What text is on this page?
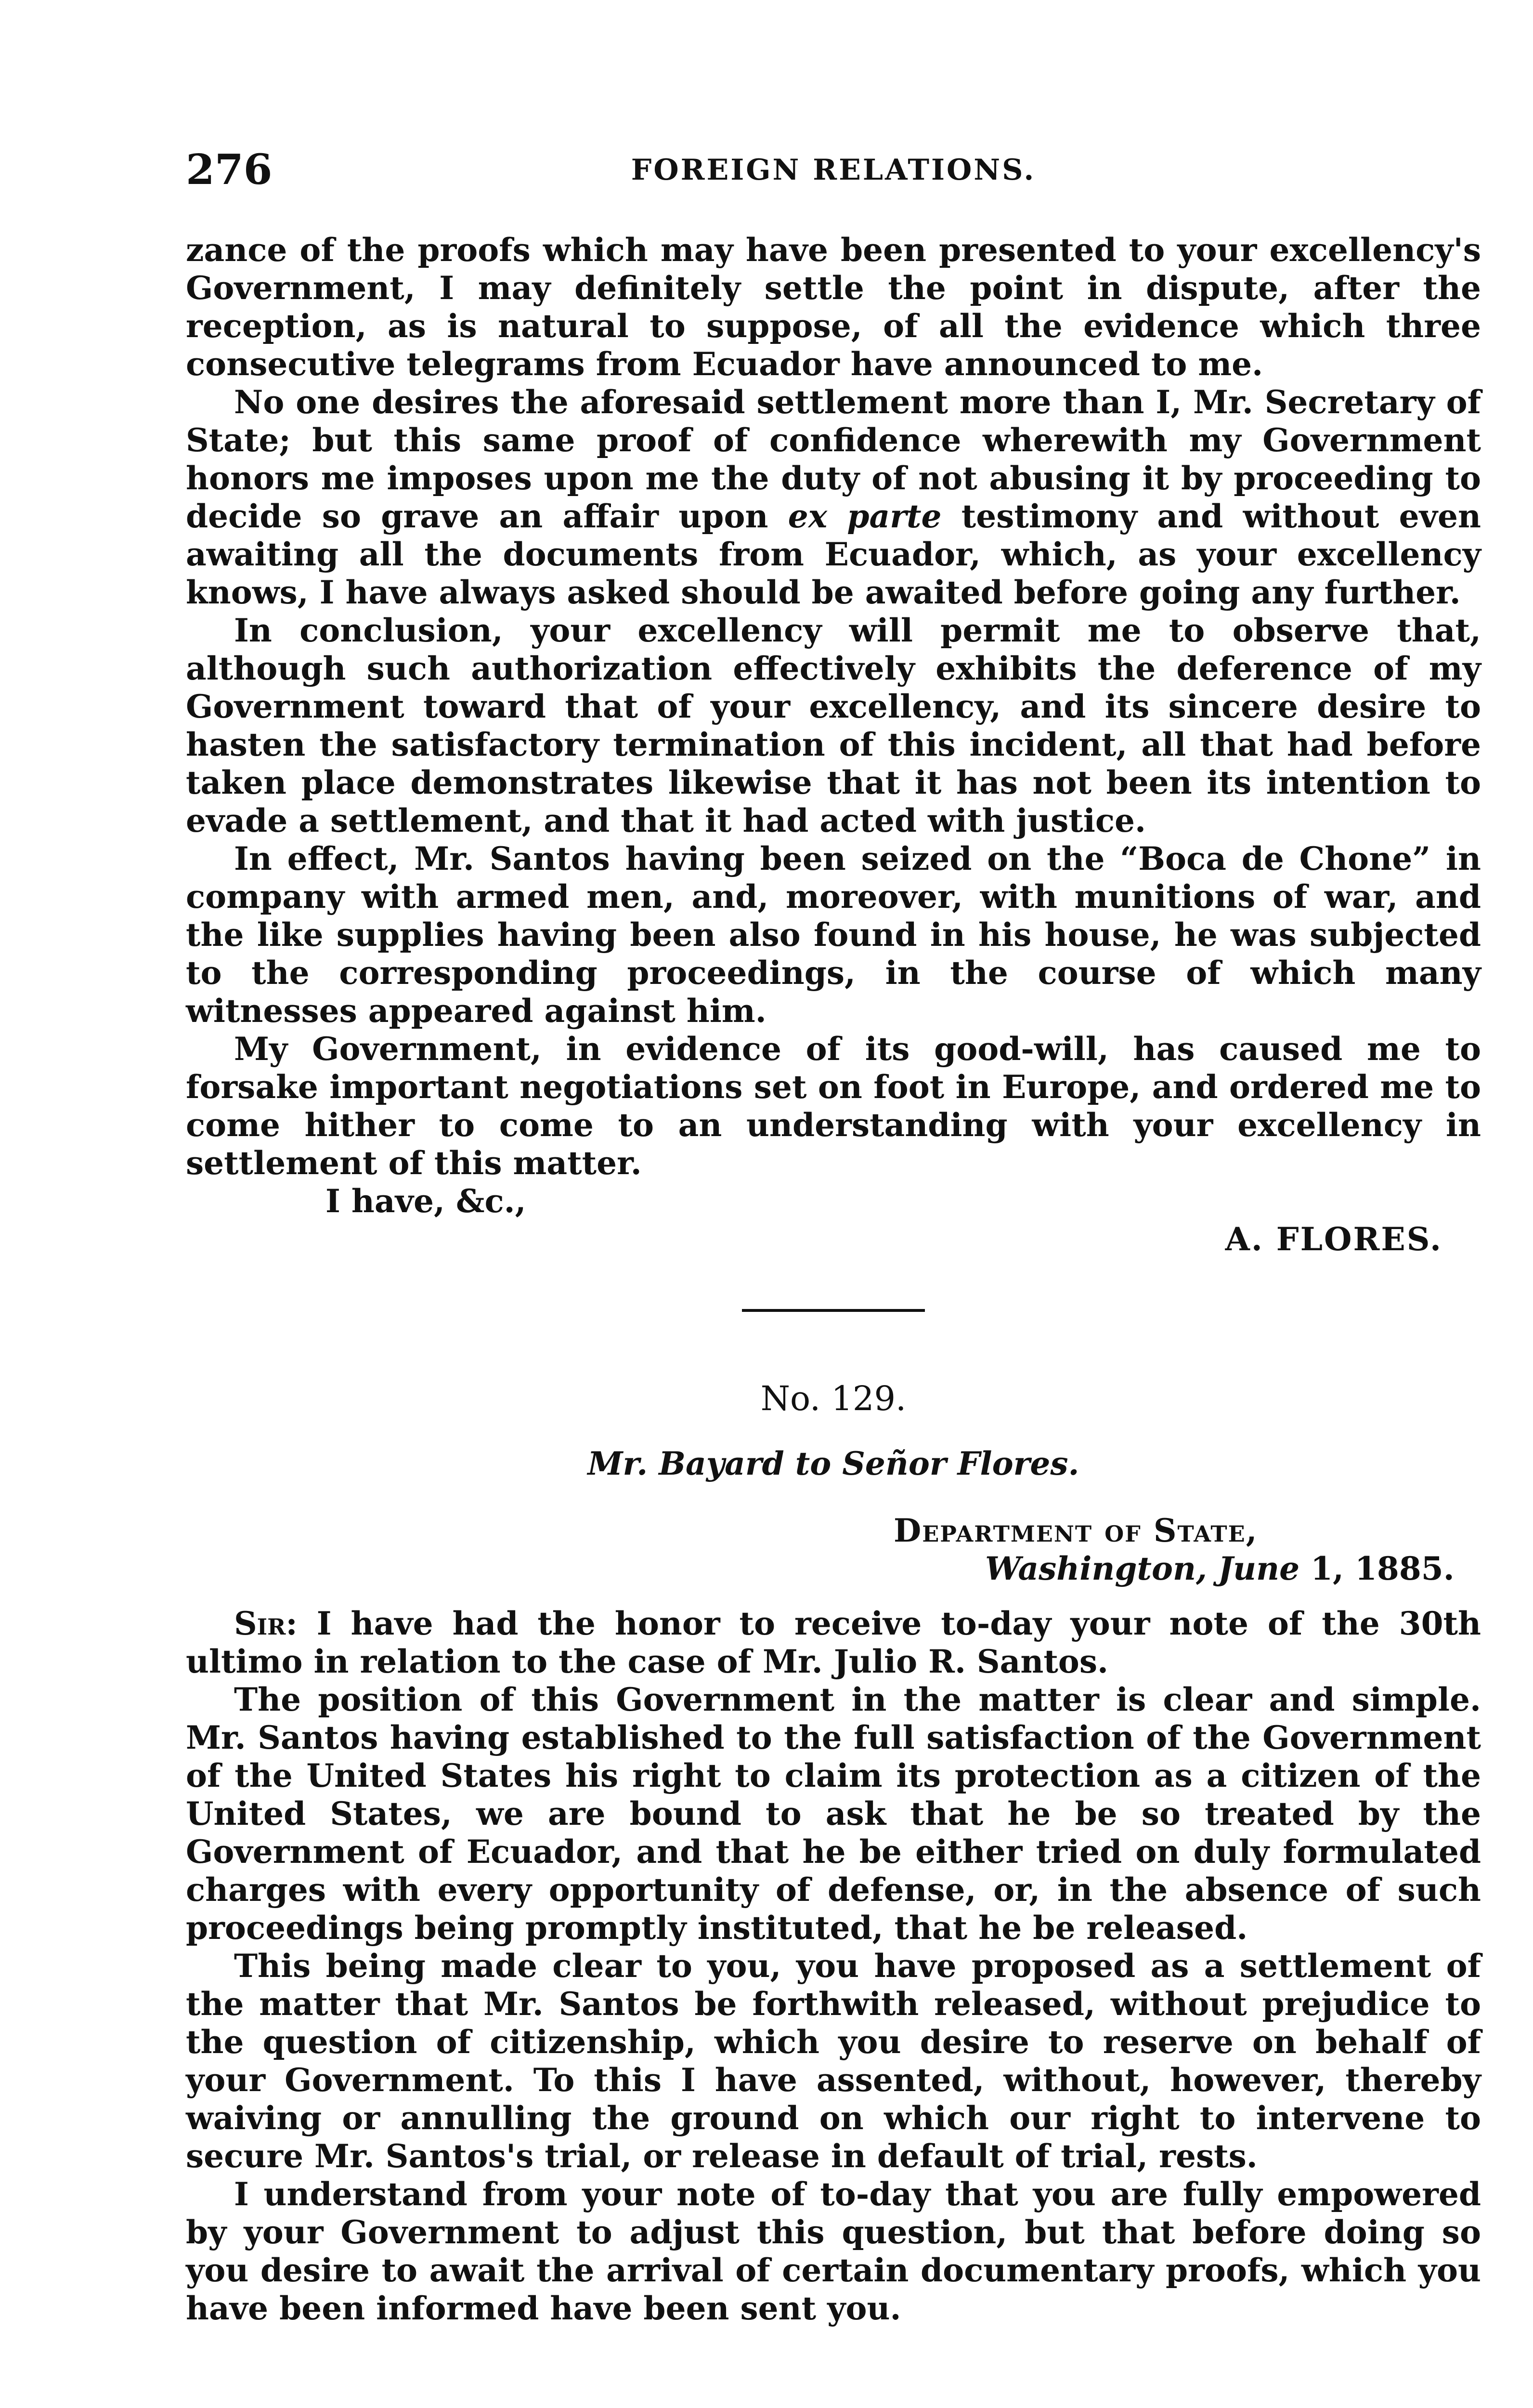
276	FOREIGN RELATIONS.

zance of the proofs which may have been presented to your excellency's Government, I may definitely settle the point in dispute, after the reception, as is natural to suppose, of all the evidence which three consecutive telegrams from Ecuador have announced to me.

No one desires the aforesaid settlement more than I, Mr. Secretary of State; but this same proof of confidence wherewith my Government honors me imposes upon me the duty of not abusing it by proceeding to decide so grave an affair upon ex parte testimony and without even awaiting all the documents from Ecuador, which, as your excellency knows, I have always asked should be awaited before going any further.

In conclusion, your excellency will permit me to observe that, although such authorization effectively exhibits the deference of my Government toward that of your excellency, and its sincere desire to hasten the satisfactory termination of this incident, all that had before taken place demonstrates likewise that it has not been its intention to evade a settlement, and that it had acted with justice.

In effect, Mr. Santos having been seized on the “Boca de Chone” in company with armed men, and, moreover, with munitions of war, and the like supplies having been also found in his house, he was subjected to the corresponding proceedings, in the course of which many witnesses appeared against him.

My Government, in evidence of its good-will, has caused me to forsake important negotiations set on foot in Europe, and ordered me to come hither to come to an understanding with your excellency in settlement of this matter.

I have, &c.,

A. FLORES.

No. 129.

Mr. Bayard to Señor Flores.

Department of State,
Washington, June 1, 1885.

Sir: I have had the honor to receive to-day your note of the 30th ultimo in relation to the case of Mr. Julio R. Santos.

The position of this Government in the matter is clear and simple. Mr. Santos having established to the full satisfaction of the Government of the United States his right to claim its protection as a citizen of the United States, we are bound to ask that he be so treated by the Government of Ecuador, and that he be either tried on duly formulated charges with every opportunity of defense, or, in the absence of such proceedings being promptly instituted, that he be released.

This being made clear to you, you have proposed as a settlement of the matter that Mr. Santos be forthwith released, without prejudice to the question of citizenship, which you desire to reserve on behalf of your Government. To this I have assented, without, however, thereby waiving or annulling the ground on which our right to intervene to secure Mr. Santos's trial, or release in default of trial, rests.

I understand from your note of to-day that you are fully empowered by your Government to adjust this question, but that before doing so you desire to await the arrival of certain documentary proofs, which you have been informed have been sent you.
